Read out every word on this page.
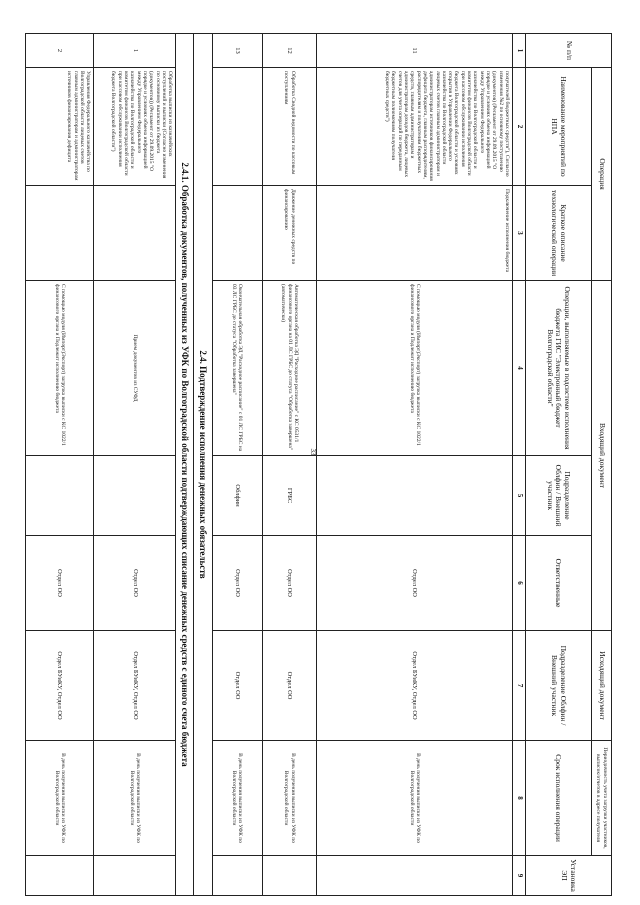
33
№ п/п	Операция		Входящий документ			Исходящий документ	Периодичность учета загрузки участников, выписок/отчетов в адресе получателя	Установка ЭП
	Наименование мероприятий по НПА	Краткое описание технологической операции	Операции, выполняемые в подсистеме исполнения бюджета ГИС "Электронный бюджет Волгоградской области"	Подразделение Облфин / Внешний участник	Ответственные	Подразделение Облфин / Внешний участник	Срок исполнения операции	
1	2	3	4	5	6	7	8	9
11	получателей бюджетных средств"), Согласно изменения №2 по основному поступлению (документов) (Регламент от 29.09.2015 "О порядке и условиях обмена информацией между Управлением Федерального казначейства по Волгоградской области и комитетом финансов Волгоградской области при кассовом обслуживании исполнения бюджета Волгоградской области и условиях открытия в Управлении Федерального казначейства по Волгоградской области лицевых счетов главным администраторам и администраторам источников финансирования дефицита бюджета, главным распорядителям, распорядителям и получателям бюджетных средств, главным администраторам и администраторам доходов бюджета, лицевых счетов для учета операций по переданным бюджетным полномочиям получателя бюджетных средств")	Подключение исполнения бюджета	С помощью модуля (Импорт)Экспорт) загрузка выписки с КС 1022/1 финансового органа и Подлежит исполнению бюджета		Отдел ОО	Отдел БУиКУ, Отдел ОО	В день получения выписки из УФК по Волгоградской области	
12	Обработка Сводной ведомости по кассовым поступлениям	Движение денежных средств по финансированию	Автоматическая обработка ЭД "Расходное расписание" с КС 0531/1 финансового органа на 01 ЛС ГРБС до статуса "Обработка завершена" (автоматически)	ГРБС	Отдел ОО	Отдел ОО	В день получения выписки из УФК по Волгоградской области	
13			Окончательная обработка ЭД "Расходное расписание" с 01 ЛС ГРБС на 03 ЛС ГРБС до статуса "Обработка завершена"	Облфин	Отдел ОО	Отдел ОО	В день получения выписки из УФК по Волгоградской области	
2.4. Подтверждение исполнения денежных обязательств								
2.4.1. Обработка документов, полученных из УФК по Волгоградской области подтверждающих списание денежных средств с единого счета бюджета								
1	Обработка выписки из казначейских поступлений и выписки (Согласно изменения по основному выписки из бюджета (документов)) (Регламент от 29.09.2015 "О порядке и условиях обмена информацией между Управлением Федерального казначейства по Волгоградской области и комитетом финансов Волгоградской области при кассовом обслуживании исполнения бюджета Волгоградской области")		Прием документов из СУФД		Отдел ОО	Отдел БУиКУ, Отдел ОО	В день получения выписки из УФК по Волгоградской области	
2	Управления Федерального казначейства по Волгоградской области лицевых счетов главным администраторам и администраторам источников финансирования дефицита		С помощью модуля (Импорт)Экспорт) загрузка выписки с КС 1022/1 финансового органа и Подлежит исполнению бюджета		Отдел ОО	Отдел БУиКУ, Отдел ОО	В день получения выписки из УФК по Волгоградской области	
